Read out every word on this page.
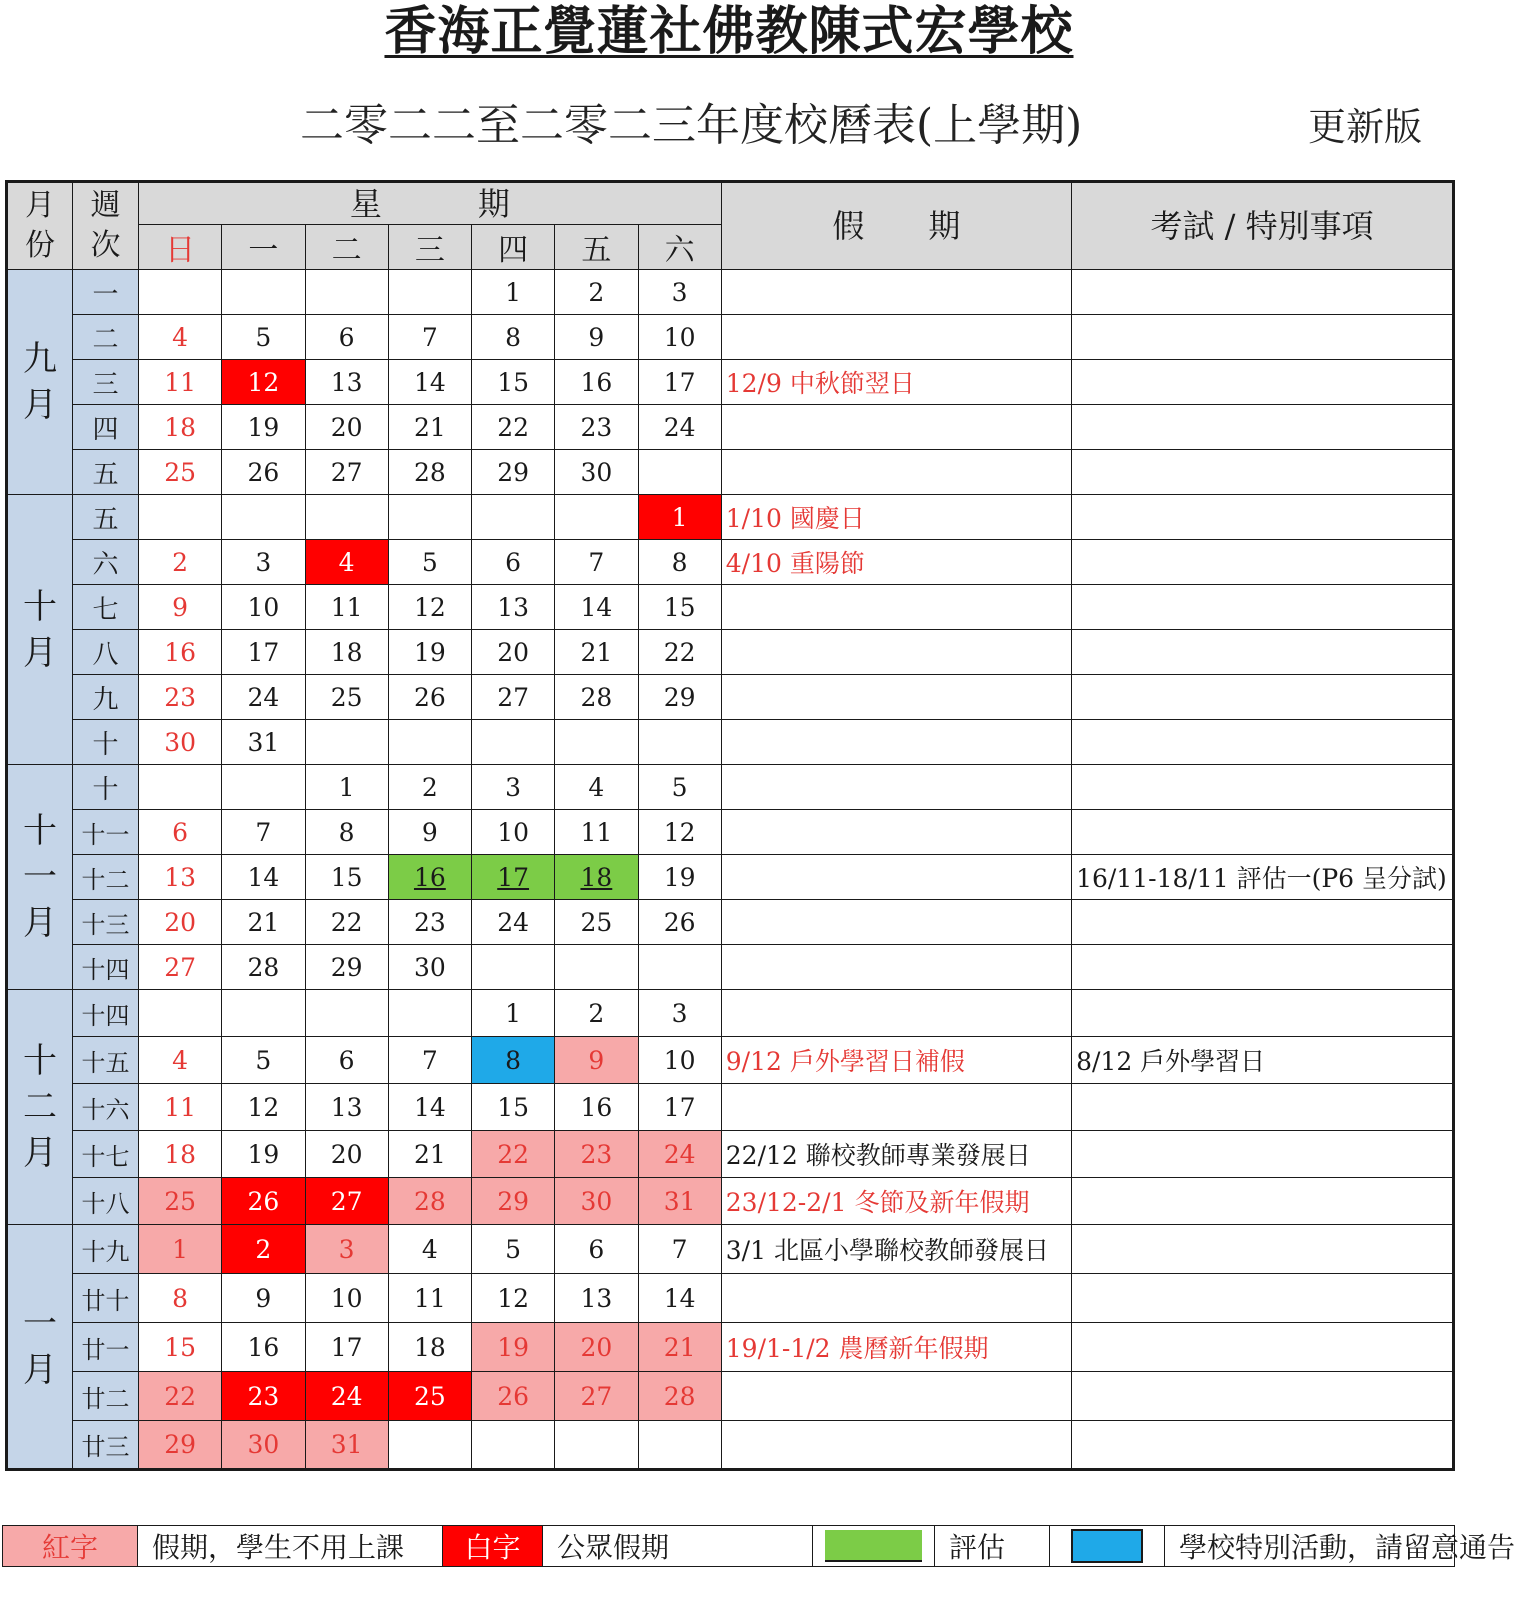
香海正覺蓮社佛教陳式宏學校
二零二二至二零二三年度校曆表(上學期)	更新版
月
份	週
次	星　　　期							假　　期	考試 / 特別事項
		日	一	二	三	四	五	六		
九
月	一					1	2	3		
	二	4	5	6	7	8	9	10		
	三	11	12	13	14	15	16	17	12/9 中秋節翌日	
	四	18	19	20	21	22	23	24		
	五	25	26	27	28	29	30			
十
月	五							1	1/10 國慶日	
	六	2	3	4	5	6	7	8	4/10 重陽節	
	七	9	10	11	12	13	14	15		
	八	16	17	18	19	20	21	22		
	九	23	24	25	26	27	28	29		
	十	30	31							
十
一
月	十			1	2	3	4	5		
	十一	6	7	8	9	10	11	12		
	十二	13	14	15	16	17	18	19		16/11-18/11 評估一(P6 呈分試)
	十三	20	21	22	23	24	25	26		
	十四	27	28	29	30					
十
二
月	十四					1	2	3		
	十五	4	5	6	7	8	9	10	9/12 戶外學習日補假	8/12 戶外學習日
	十六	11	12	13	14	15	16	17		
	十七	18	19	20	21	22	23	24	22/12 聯校教師專業發展日	
	十八	25	26	27	28	29	30	31	23/12-2/1 冬節及新年假期	
一
月	十九	1	2	3	4	5	6	7	3/1 北區小學聯校教師發展日	
	廿十	8	9	10	11	12	13	14		
	廿一	15	16	17	18	19	20	21	19/1-1/2 農曆新年假期	
	廿二	22	23	24	25	26	27	28		
	廿三	29	30	31						
紅字	假期，學生不用上課	白字	公眾假期		評估		學校特別活動，請留意通告
